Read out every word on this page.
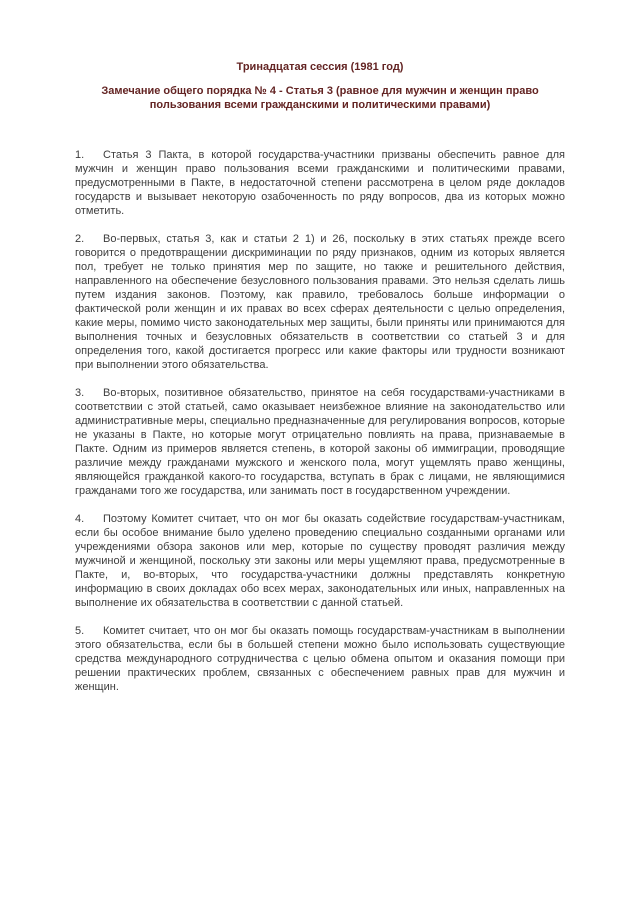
Тринадцатая сессия (1981 год)
Замечание общего порядка № 4 - Статья 3 (равное для мужчин и женщин право пользования всеми гражданскими и политическими правами)

1. Статья 3 Пакта, в которой государства-участники призваны обеспечить равное для мужчин и женщин право пользования всеми гражданскими и политическими правами, предусмотренными в Пакте, в недостаточной степени рассмотрена в целом ряде докладов государств и вызывает некоторую озабоченность по ряду вопросов, два из которых можно отметить.

2. Во-первых, статья 3, как и статьи 2 1) и 26, поскольку в этих статьях прежде всего говорится о предотвращении дискриминации по ряду признаков, одним из которых является пол, требует не только принятия мер по защите, но также и решительного действия, направленного на обеспечение безусловного пользования правами. Это нельзя сделать лишь путем издания законов. Поэтому, как правило, требовалось больше информации о фактической роли женщин и их правах во всех сферах деятельности с целью определения, какие меры, помимо чисто законодательных мер защиты, были приняты или принимаются для выполнения точных и безусловных обязательств в соответствии со статьей 3 и для определения того, какой достигается прогресс или какие факторы или трудности возникают при выполнении этого обязательства.

3. Во-вторых, позитивное обязательство, принятое на себя государствами-участниками в соответствии с этой статьей, само оказывает неизбежное влияние на законодательство или административные меры, специально предназначенные для регулирования вопросов, которые не указаны в Пакте, но которые могут отрицательно повлиять на права, признаваемые в Пакте. Одним из примеров является степень, в которой законы об иммиграции, проводящие различие между гражданами мужского и женского пола, могут ущемлять право женщины, являющейся гражданкой какого-то государства, вступать в брак с лицами, не являющимися гражданами того же государства, или занимать пост в государственном учреждении.

4. Поэтому Комитет считает, что он мог бы оказать содействие государствам-участникам, если бы особое внимание было уделено проведению специально созданными органами или учреждениями обзора законов или мер, которые по существу проводят различия между мужчиной и женщиной, поскольку эти законы или меры ущемляют права, предусмотренные в Пакте, и, во-вторых, что государства-участники должны представлять конкретную информацию в своих докладах обо всех мерах, законодательных или иных, направленных на выполнение их обязательства в соответствии с данной статьей.

5. Комитет считает, что он мог бы оказать помощь государствам-участникам в выполнении этого обязательства, если бы в большей степени можно было использовать существующие средства международного сотрудничества с целью обмена опытом и оказания помощи при решении практических проблем, связанных с обеспечением равных прав для мужчин и женщин.
